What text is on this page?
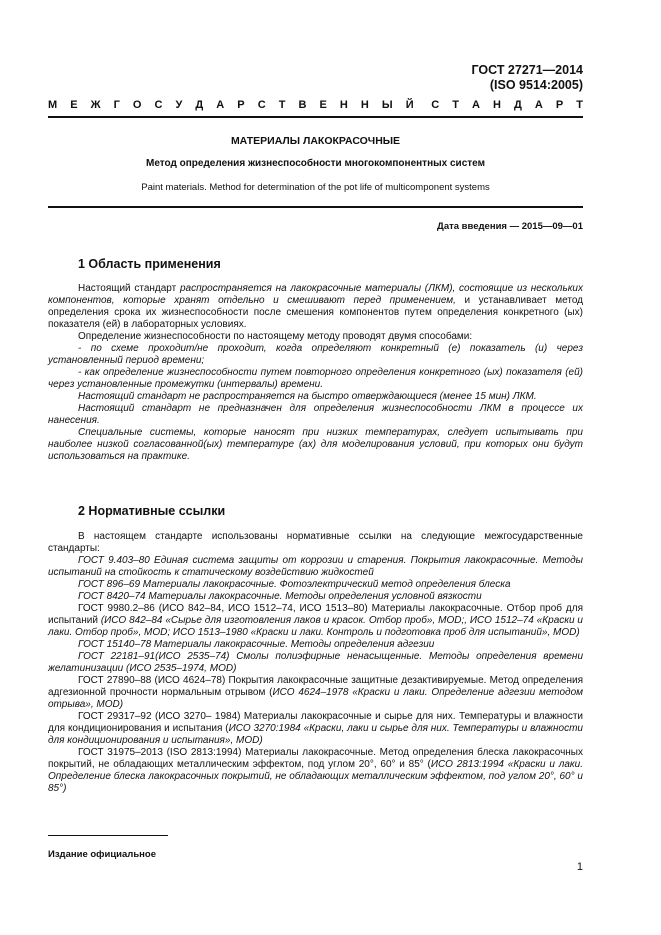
ГОСТ 27271—2014
(ISO 9514:2005)
М Е Ж Г О С У Д А Р С Т В Е Н Н Ы Й С Т А Н Д А Р Т
МАТЕРИАЛЫ ЛАКОКРАСОЧНЫЕ
Метод определения жизнеспособности многокомпонентных систем
Paint materials. Method for determination of the pot life of multicomponent systems
Дата введения — 2015—09—01
1 Область применения

Настоящий стандарт распространяется на лакокрасочные материалы (ЛКМ), состоящие из нескольких компонентов, которые хранят отдельно и смешивают перед применением, и устанавливает метод определения срока их жизнеспособности после смешения компонентов путем определения конкретного (ых) показателя (ей) в лабораторных условиях.

Определение жизнеспособности по настоящему методу проводят двумя способами:

- по схеме проходит/не проходит, когда определяют конкретный (е) показатель (и) через установленный период времени;

- как определение жизнеспособности путем повторного определения конкретного (ых) показателя (ей) через установленные промежутки (интервалы) времени.

Настоящий стандарт не распространяется на быстро отверждающиеся (менее 15 мин) ЛКМ.

Настоящий стандарт не предназначен для определения жизнеспособности ЛКМ в процессе их нанесения.

Специальные системы, которые наносят при низких температурах, следует испытывать при наиболее низкой согласованной(ых) температуре (ах) для моделирования условий, при которых они будут использоваться на практике.

2 Нормативные ссылки

В настоящем стандарте использованы нормативные ссылки на следующие межгосударственные стандарты:

ГОСТ 9.403–80 Единая система защиты от коррозии и старения. Покрытия лакокрасочные. Методы испытаний на стойкость к статическому воздействию жидкостей

ГОСТ 896–69 Материалы лакокрасочные. Фотоэлектрический метод определения блеска

ГОСТ 8420–74 Материалы лакокрасочные. Методы определения условной вязкости

ГОСТ 9980.2–86 (ИСО 842–84, ИСО 1512–74, ИСО 1513–80) Материалы лакокрасочные. Отбор проб для испытаний (ИСО 842–84 «Сырье для изготовления лаков и красок. Отбор проб», MOD;, ИСО 1512–74 «Краски и лаки. Отбор проб», MOD; ИСО 1513–1980 «Краски и лаки. Контроль и подготовка проб для испытаний», MOD)

ГОСТ 15140–78 Материалы лакокрасочные. Методы определения адгезии

ГОСТ 22181–91(ИСО 2535–74) Смолы полиэфирные ненасыщенные. Методы определения времени желатинизации (ИСО 2535–1974, MOD)

ГОСТ 27890–88 (ИСО 4624–78) Покрытия лакокрасочные защитные дезактивируемые. Метод определения адгезионной прочности нормальным отрывом (ИСО 4624–1978 «Краски и лаки. Определение адгезии методом отрыва», MOD)

ГОСТ 29317–92 (ИСО 3270– 1984) Материалы лакокрасочные и сырье для них. Температуры и влажности для кондиционирования и испытания (ИСО 3270:1984 «Краски, лаки и сырье для них. Температуры и влажности для кондиционирования и испытания», MOD)

ГОСТ 31975–2013 (ISO 2813:1994) Материалы лакокрасочные. Метод определения блеска лакокрасочных покрытий, не обладающих металлическим эффектом, под углом 20°, 60° и 85° (ИСО 2813:1994 «Краски и лаки. Определение блеска лакокрасочных покрытий, не обладающих металлическим эффектом, под углом 20°, 60° и 85°)

Издание официальное
1
